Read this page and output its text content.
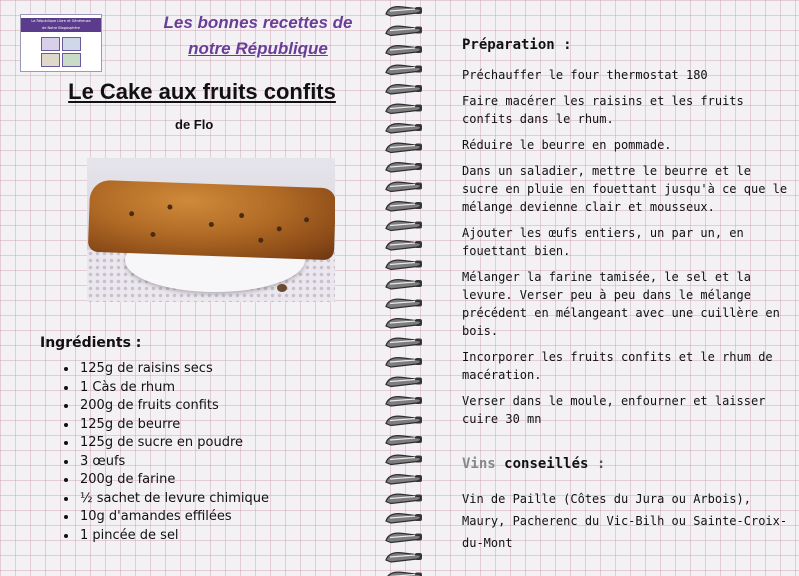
La République Libre et Généreuse
de Notre Blogosphère	Les bonnes recettes de
notre République
Le Cake aux fruits confits
de Flo
Ingrédients :
• 125g de raisins secs
• 1 Càs de rhum
• 200g de fruits confits
• 125g de beurre
• 125g de sucre en poudre
• 3 œufs
• 200g de farine
• ½ sachet de levure chimique
• 10g d'amandes effilées
• 1 pincée de sel
Préparation :

Préchauffer le four thermostat 180

Faire macérer les raisins et les fruits confits dans le rhum.

Réduire le beurre en pommade.

Dans un saladier, mettre le beurre et le sucre en pluie en fouettant jusqu'à ce que le mélange devienne clair et mousseux.

Ajouter les œufs entiers, un par un, en fouettant bien.

Mélanger la farine tamisée, le sel et la levure. Verser peu à peu dans le mélange précédent en mélangeant avec une cuillère en bois.

Incorporer les fruits confits et le rhum de macération.

Verser dans le moule, enfourner et laisser cuire 30 mn

Vins conseillés :
Vin de Paille (Côtes du Jura ou Arbois), Maury, Pacherenc du Vic-Bilh ou Sainte-Croix-du-Mont
